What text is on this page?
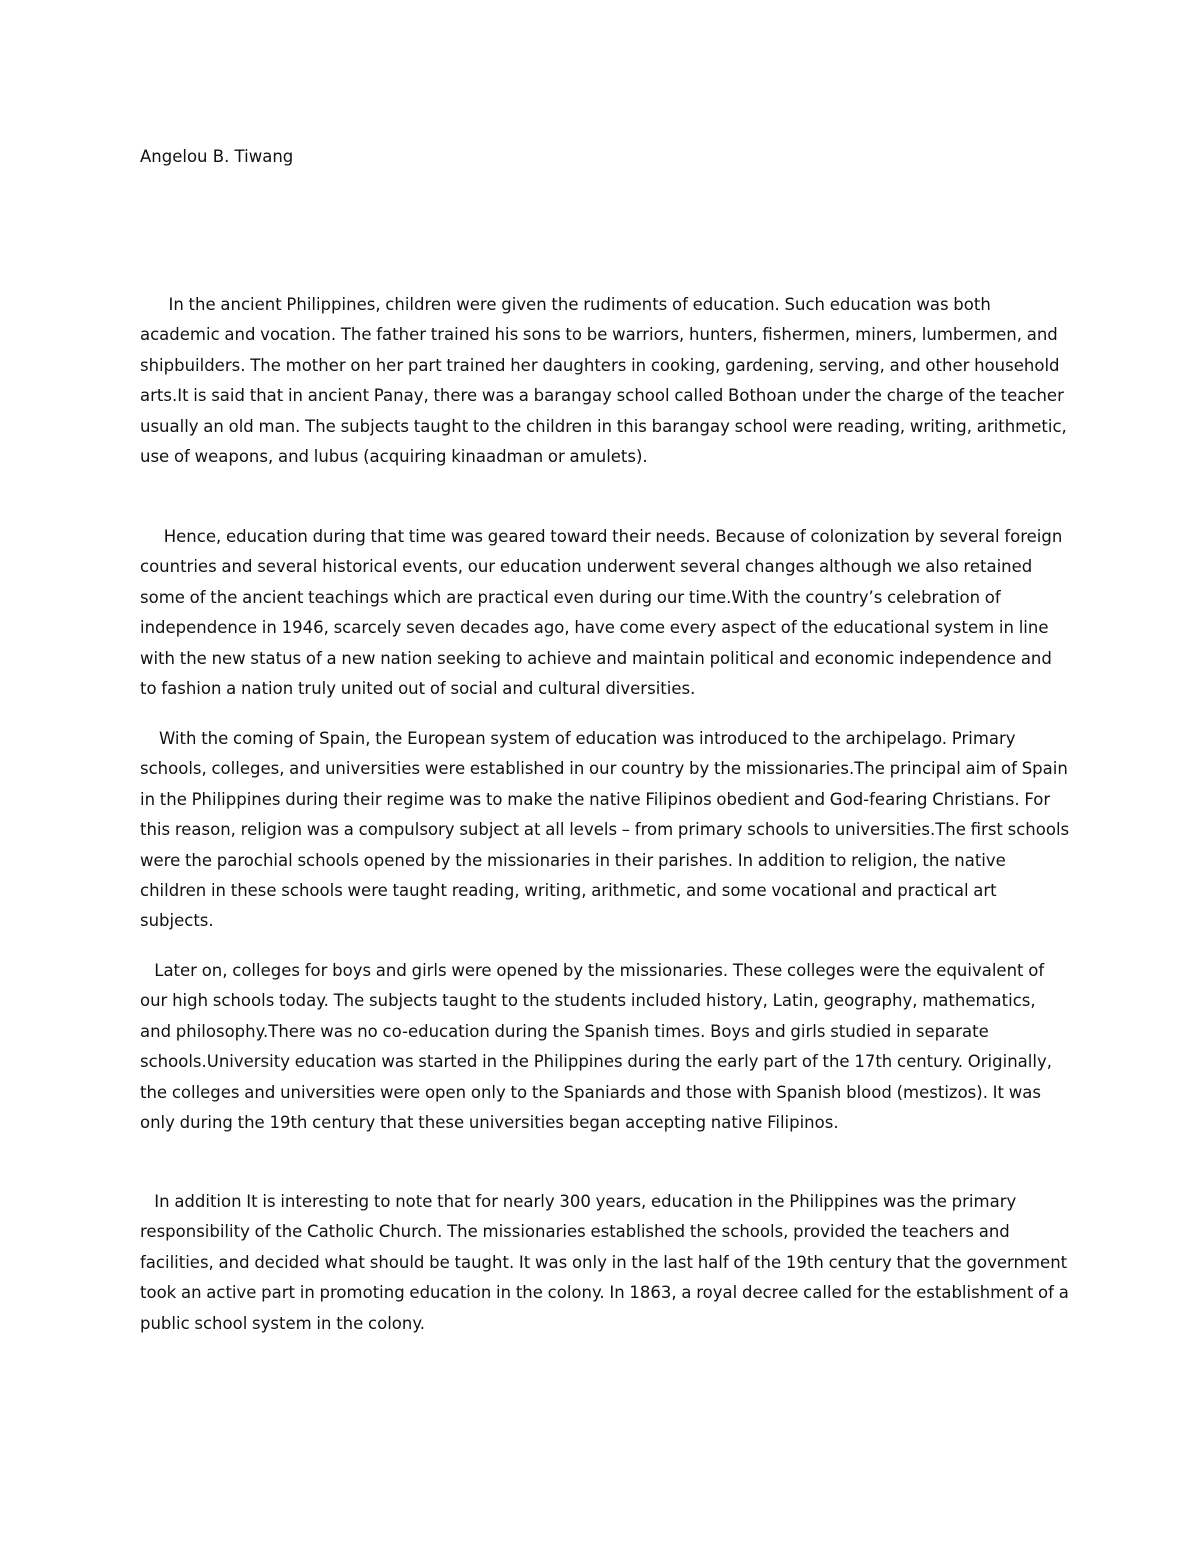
Angelou B. Tiwang

In the ancient Philippines, children were given the rudiments of education. Such education was both academic and vocation. The father trained his sons to be warriors, hunters, fishermen, miners, lumbermen, and shipbuilders. The mother on her part trained her daughters in cooking, gardening, serving, and other household arts.It is said that in ancient Panay, there was a barangay school called Bothoan under the charge of the teacher usually an old man. The subjects taught to the children in this barangay school were reading, writing, arithmetic, use of weapons, and lubus (acquiring kinaadman or amulets).

Hence, education during that time was geared toward their needs. Because of colonization by several foreign countries and several historical events, our education underwent several changes although we also retained some of the ancient teachings which are practical even during our time.With the country’s celebration of independence in 1946, scarcely seven decades ago, have come every aspect of the educational system in line with the new status of a new nation seeking to achieve and maintain political and economic independence and to fashion a nation truly united out of social and cultural diversities.

With the coming of Spain, the European system of education was introduced to the archipelago. Primary schools, colleges, and universities were established in our country by the missionaries.The principal aim of Spain in the Philippines during their regime was to make the native Filipinos obedient and God-fearing Christians. For this reason, religion was a compulsory subject at all levels – from primary schools to universities.The first schools were the parochial schools opened by the missionaries in their parishes. In addition to religion, the native children in these schools were taught reading, writing, arithmetic, and some vocational and practical art subjects.

Later on, colleges for boys and girls were opened by the missionaries. These colleges were the equivalent of our high schools today. The subjects taught to the students included history, Latin, geography, mathematics, and philosophy.There was no co-education during the Spanish times. Boys and girls studied in separate schools.University education was started in the Philippines during the early part of the 17th century. Originally, the colleges and universities were open only to the Spaniards and those with Spanish blood (mestizos). It was only during the 19th century that these universities began accepting native Filipinos.

In addition It is interesting to note that for nearly 300 years, education in the Philippines was the primary responsibility of the Catholic Church. The missionaries established the schools, provided the teachers and facilities, and decided what should be taught. It was only in the last half of the 19th century that the government took an active part in promoting education in the colony. In 1863, a royal decree called for the establishment of a public school system in the colony.
